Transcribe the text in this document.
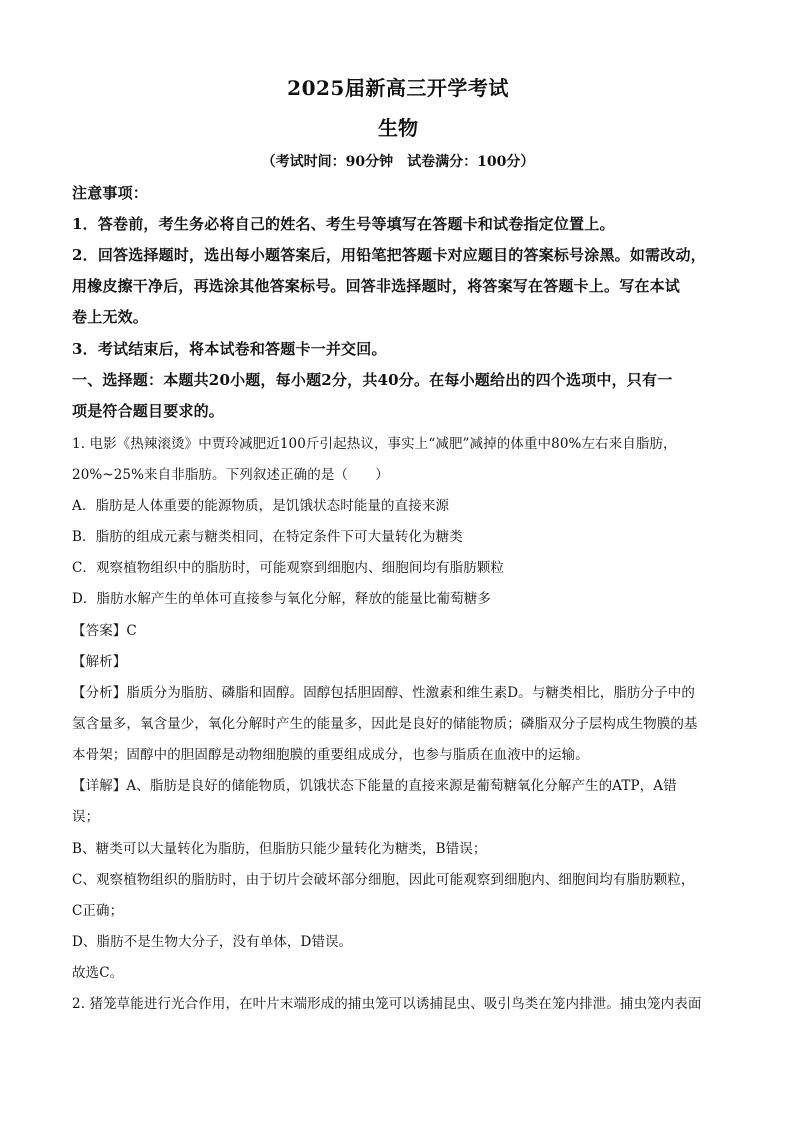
2025届新高三开学考试
生物
（考试时间：90分钟　试卷满分：100分）
注意事项：
1．答卷前，考生务必将自己的姓名、考生号等填写在答题卡和试卷指定位置上。
2．回答选择题时，选出每小题答案后，用铅笔把答题卡对应题目的答案标号涂黑。如需改动，
用橡皮擦干净后，再选涂其他答案标号。回答非选择题时，将答案写在答题卡上。写在本试
卷上无效。
3．考试结束后，将本试卷和答题卡一并交回。
一、选择题：本题共20小题，每小题2分，共40分。在每小题给出的四个选项中，只有一
项是符合题目要求的。
1. 电影《热辣滚烫》中贾玲减肥近100斤引起热议，事实上“减肥”减掉的体重中80%左右来自脂肪，
20%~25%来自非脂肪。下列叙述正确的是（　　）
A．脂肪是人体重要的能源物质，是饥饿状态时能量的直接来源
B．脂肪的组成元素与糖类相同，在特定条件下可大量转化为糖类
C．观察植物组织中的脂肪时，可能观察到细胞内、细胞间均有脂肪颗粒
D．脂肪水解产生的单体可直接参与氧化分解，释放的能量比葡萄糖多
【答案】C
【解析】
【分析】脂质分为脂肪、磷脂和固醇。固醇包括胆固醇、性激素和维生素D。与糖类相比，脂肪分子中的
氢含量多，氧含量少，氧化分解时产生的能量多，因此是良好的储能物质；磷脂双分子层构成生物膜的基
本骨架；固醇中的胆固醇是动物细胞膜的重要组成成分，也参与脂质在血液中的运输。
【详解】A、脂肪是良好的储能物质，饥饿状态下能量的直接来源是葡萄糖氧化分解产生的ATP，A错
误；
B、糖类可以大量转化为脂肪，但脂肪只能少量转化为糖类，B错误；
C、观察植物组织的脂肪时，由于切片会破坏部分细胞，因此可能观察到细胞内、细胞间均有脂肪颗粒，
C正确；
D、脂肪不是生物大分子，没有单体，D错误。
故选C。
2. 猪笼草能进行光合作用，在叶片末端形成的捕虫笼可以诱捕昆虫、吸引鸟类在笼内排泄。捕虫笼内表面
